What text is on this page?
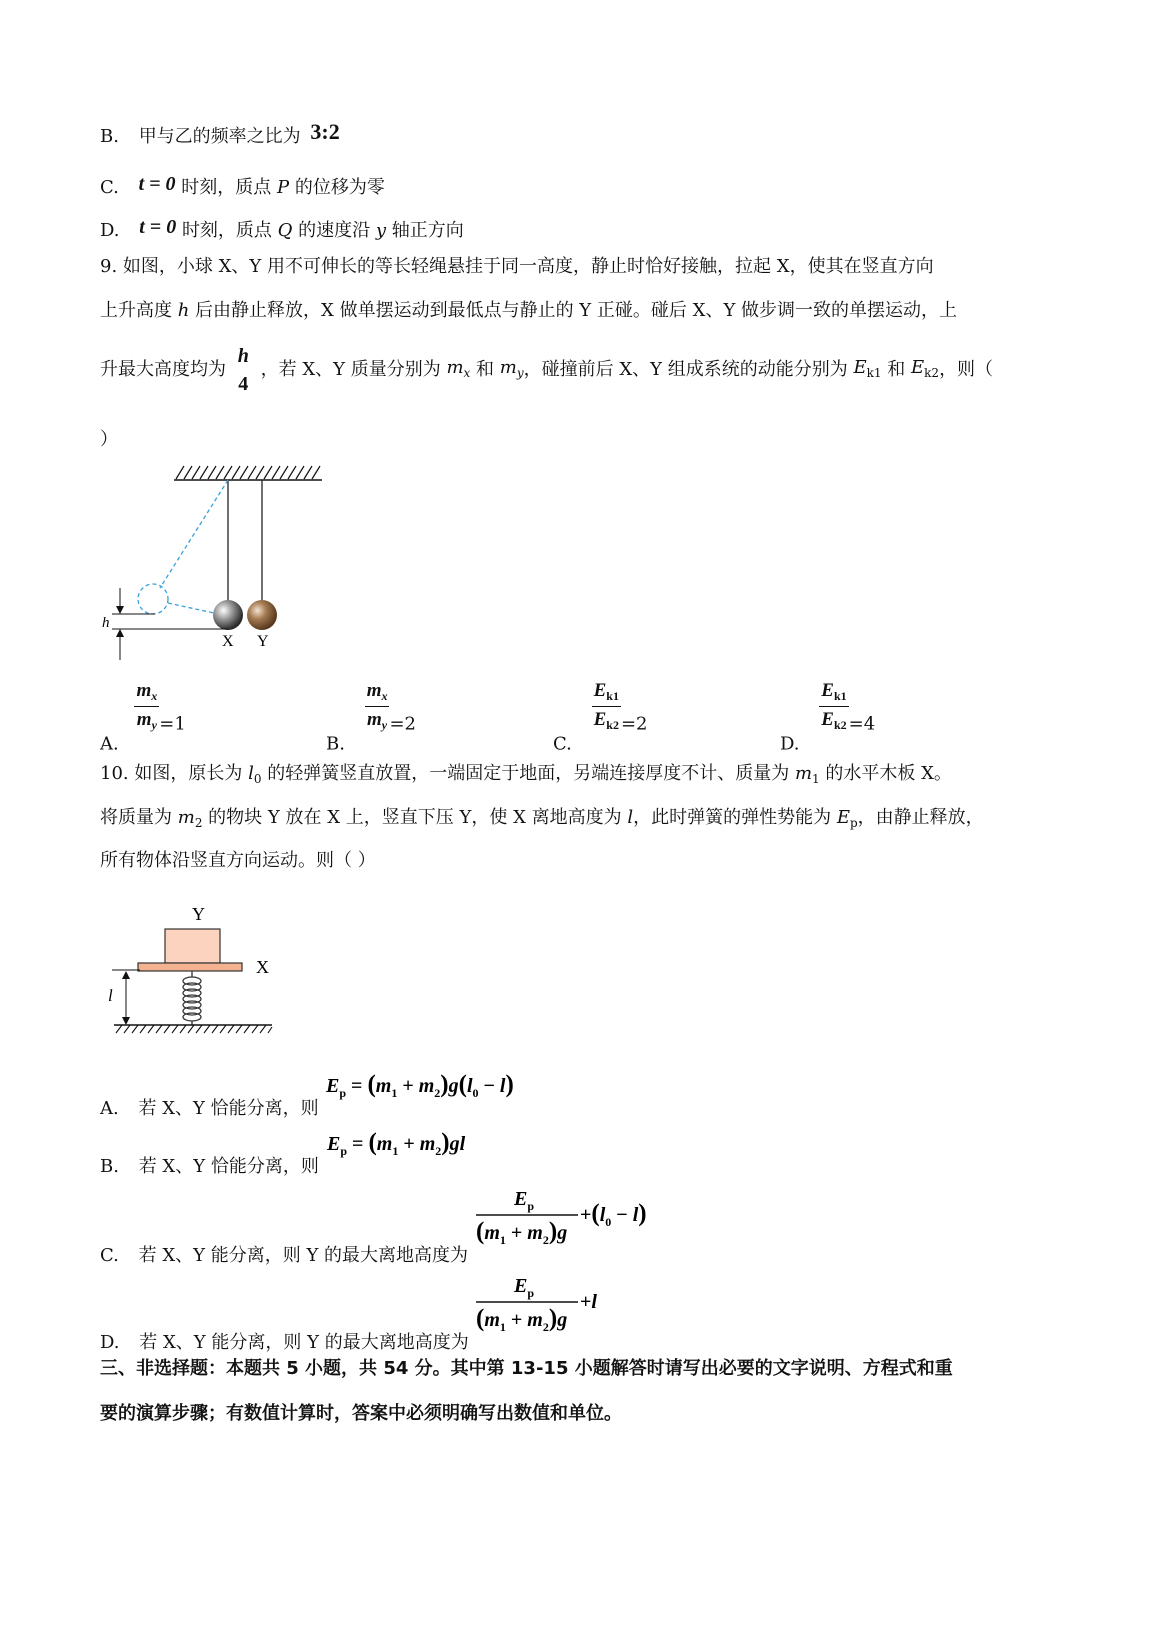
B. 甲与乙的频率之比为 3:2
C. t = 0 时刻，质点 P 的位移为零
D. t = 0 时刻，质点 Q 的速度沿 y 轴正方向
9. 如图，小球 X、Y 用不可伸长的等长轻绳悬挂于同一高度，静止时恰好接触，拉起 X，使其在竖直方向
上升高度 h 后由静止释放，X 做单摆运动到最低点与静止的 Y 正碰。碰后 X、Y 做步调一致的单摆运动，上
升最大高度均为
h
4
，若 X、Y 质量分别为 $m_x$ 和 $m_y$，碰撞前后 X、Y 组成系统的动能分别为 $E_{k1}$ 和 $E_{k2}$，则（
）
h
X Y
A.
$\frac{m_x}{m_y} =1$
B.
$\frac{m_x}{m_y} =2$
C.
$\frac{E_{k1}}{E_{k2}} =2$
D.
$\frac{E_{k1}}{E_{k2}} =4$
10. 如图，原长为 $l_0$ 的轻弹簧竖直放置，一端固定于地面，另端连接厚度不计、质量为 $m_1$ 的水平木板 X。
将质量为 $m_2$ 的物块 Y 放在 X 上，竖直下压 Y，使 X 离地高度为 l，此时弹簧的弹性势能为 $E_p$，由静止释放，
所有物体沿竖直方向运动。则（ ）
Y
X
l
A. 若 X、Y 恰能分离，则
$E_p = (m_1 + m_2)g(l_0 - l)$
B. 若 X、Y 恰能分离，则
$E_p = (m_1 + m_2)gl$
C. 若 X、Y 能分离，则 Y 的最大离地高度为
$E_p$
$(m_1 + m_2)g$
$+(l_0 - l)$
D. 若 X、Y 能分离，则 Y 的最大离地高度为
$E_p$
$(m_1 + m_2)g$
+l
三、非选择题：本题共 5 小题，共 54 分。其中第 13-15 小题解答时请写出必要的文字说明、方程式和重
要的演算步骤；有数值计算时，答案中必须明确写出数值和单位。
